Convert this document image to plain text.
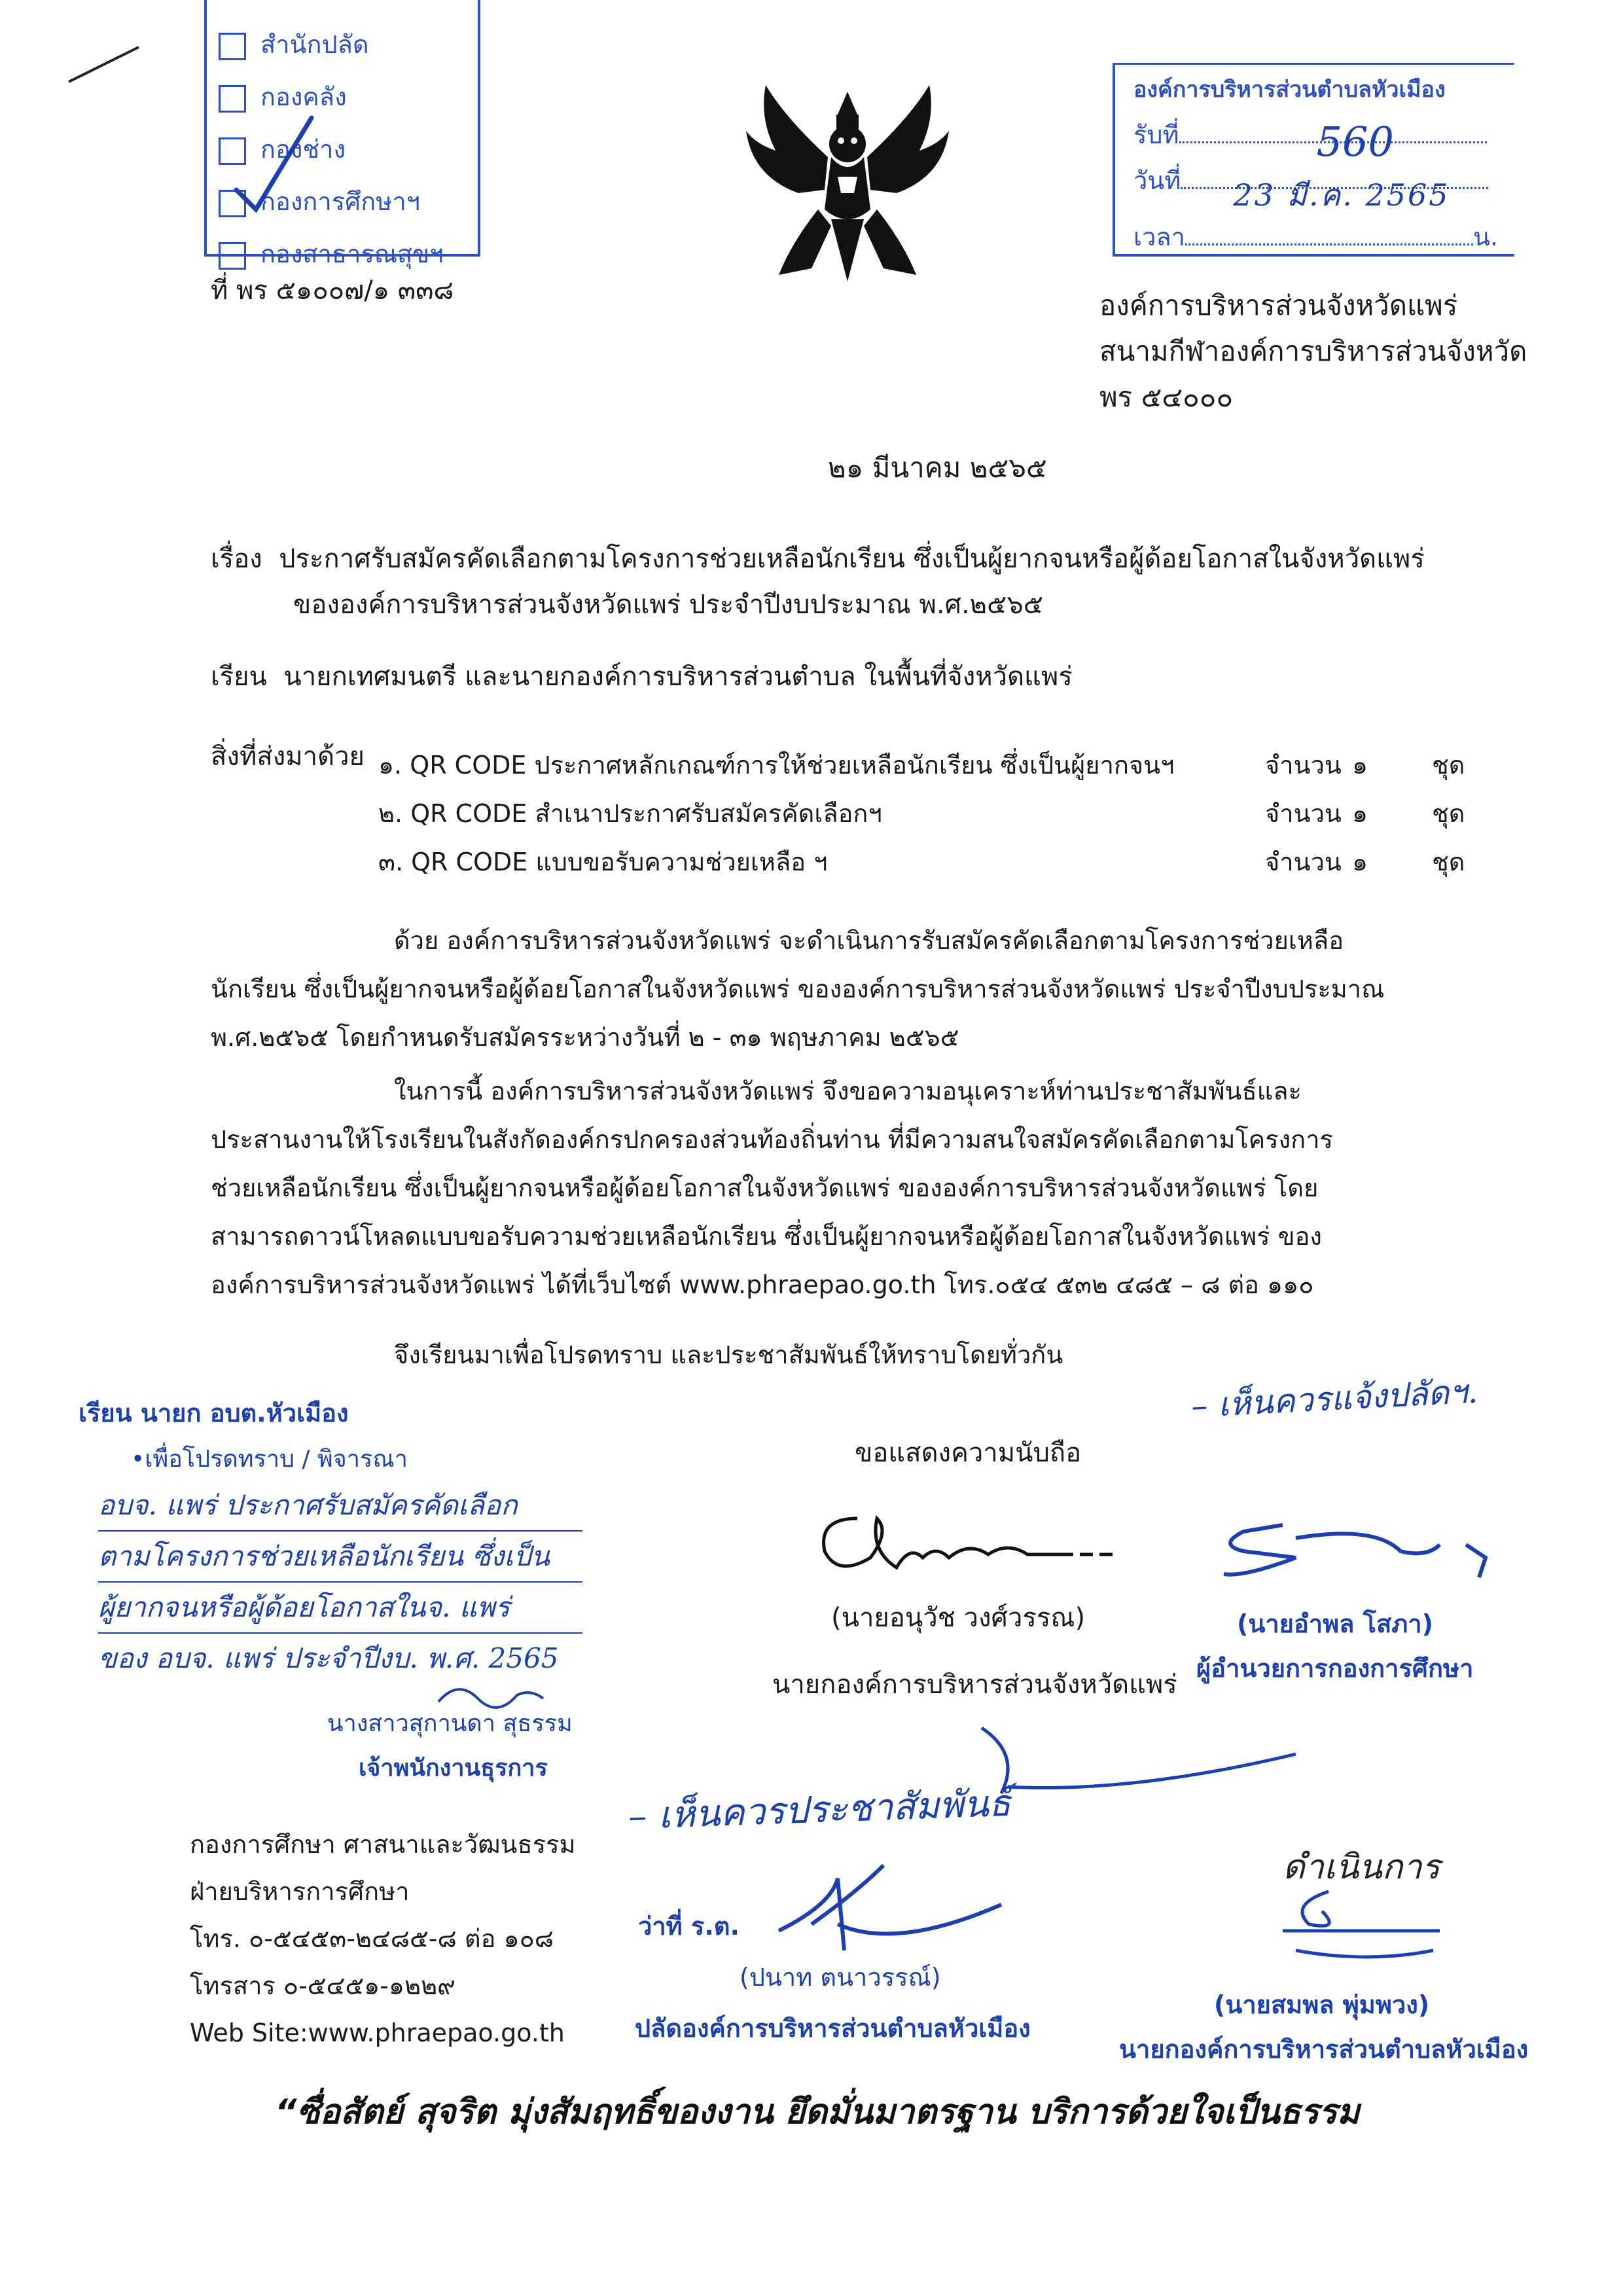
สำนักปลัด
กองคลัง
กองช่าง
กองการศึกษาฯ
กองสาธารณสุขฯ
องค์การบริหารส่วนตำบลหัวเมือง
รับที่	560
วันที่ 23 มี.ค. 2565
เวลา	น.
ที่ พร ๕๑๐๐๗/๑ ๓๓๘	องค์การบริหารส่วนจังหวัดแพร่
สนามกีฬาองค์การบริหารส่วนจังหวัด
พร ๕๔๐๐๐
๒๑ มีนาคม ๒๕๖๕
เรื่อง ประกาศรับสมัครคัดเลือกตามโครงการช่วยเหลือนักเรียน ซึ่งเป็นผู้ยากจนหรือผู้ด้อยโอกาสในจังหวัดแพร่
ขององค์การบริหารส่วนจังหวัดแพร่ ประจำปีงบประมาณ พ.ศ.๒๕๖๕
เรียน นายกเทศมนตรี และนายกองค์การบริหารส่วนตำบล ในพื้นที่จังหวัดแพร่
สิ่งที่ส่งมาด้วย ๑. QR CODE ประกาศหลักเกณฑ์การให้ช่วยเหลือนักเรียน ซึ่งเป็นผู้ยากจนฯ	จำนวน ๑	ชุด
๒. QR CODE สำเนาประกาศรับสมัครคัดเลือกฯ	จำนวน ๑	ชุด
๓. QR CODE แบบขอรับความช่วยเหลือ ฯ	จำนวน ๑	ชุด
ด้วย องค์การบริหารส่วนจังหวัดแพร่ จะดำเนินการรับสมัครคัดเลือกตามโครงการช่วยเหลือ
นักเรียน ซึ่งเป็นผู้ยากจนหรือผู้ด้อยโอกาสในจังหวัดแพร่ ขององค์การบริหารส่วนจังหวัดแพร่ ประจำปีงบประมาณ
พ.ศ.๒๕๖๕ โดยกำหนดรับสมัครระหว่างวันที่ ๒ - ๓๑ พฤษภาคม ๒๕๖๕
ในการนี้ องค์การบริหารส่วนจังหวัดแพร่ จึงขอความอนุเคราะห์ท่านประชาสัมพันธ์และ
ประสานงานให้โรงเรียนในสังกัดองค์กรปกครองส่วนท้องถิ่นท่าน ที่มีความสนใจสมัครคัดเลือกตามโครงการ
ช่วยเหลือนักเรียน ซึ่งเป็นผู้ยากจนหรือผู้ด้อยโอกาสในจังหวัดแพร่ ขององค์การบริหารส่วนจังหวัดแพร่ โดย
สามารถดาวน์โหลดแบบขอรับความช่วยเหลือนักเรียน ซึ่งเป็นผู้ยากจนหรือผู้ด้อยโอกาสในจังหวัดแพร่ ของ
องค์การบริหารส่วนจังหวัดแพร่ ได้ที่เว็บไซต์ www.phraepao.go.th โทร.๐๕๔ ๕๓๒ ๔๘๕ – ๘ ต่อ ๑๑๐
จึงเรียนมาเพื่อโปรดทราบ และประชาสัมพันธ์ให้ทราบโดยทั่วกัน
เรียน นายก อบต.หัวเมือง
•เพื่อโปรดทราบ / พิจารณา
อบจ. แพร่ ประกาศรับสมัครคัดเลือก
ตามโครงการช่วยเหลือนักเรียน ซึ่งเป็น
ผู้ยากจนหรือผู้ด้อยโอกาสในจ. แพร่
ของ อบจ. แพร่ ประจำปีงบ. พ.ศ. 2565
นางสาวสุกานดา สุธรรม
เจ้าพนักงานธุรการ
– เห็นควรแจ้งปลัดฯ.
ขอแสดงความนับถือ
(นายอนุวัช วงศ์วรรณ)
นายกองค์การบริหารส่วนจังหวัดแพร่
(นายอำพล โสภา)
ผู้อำนวยการกองการศึกษา
– เห็นควรประชาสัมพันธ์
ว่าที่ ร.ต.
(ปนาท ตนาวรรณ์)
ปลัดองค์การบริหารส่วนตำบลหัวเมือง
ดำเนินการ
(นายสมพล พุ่มพวง)
นายกองค์การบริหารส่วนตำบลหัวเมือง
กองการศึกษา ศาสนาและวัฒนธรรม
ฝ่ายบริหารการศึกษา
โทร. ๐-๕๔๕๓-๒๔๘๕-๘ ต่อ ๑๐๘
โทรสาร ๐-๕๔๕๑-๑๒๒๙
Web Site:www.phraepao.go.th
“ซื่อสัตย์ สุจริต มุ่งสัมฤทธิ์ของงาน ยึดมั่นมาตรฐาน บริการด้วยใจเป็นธรรม
